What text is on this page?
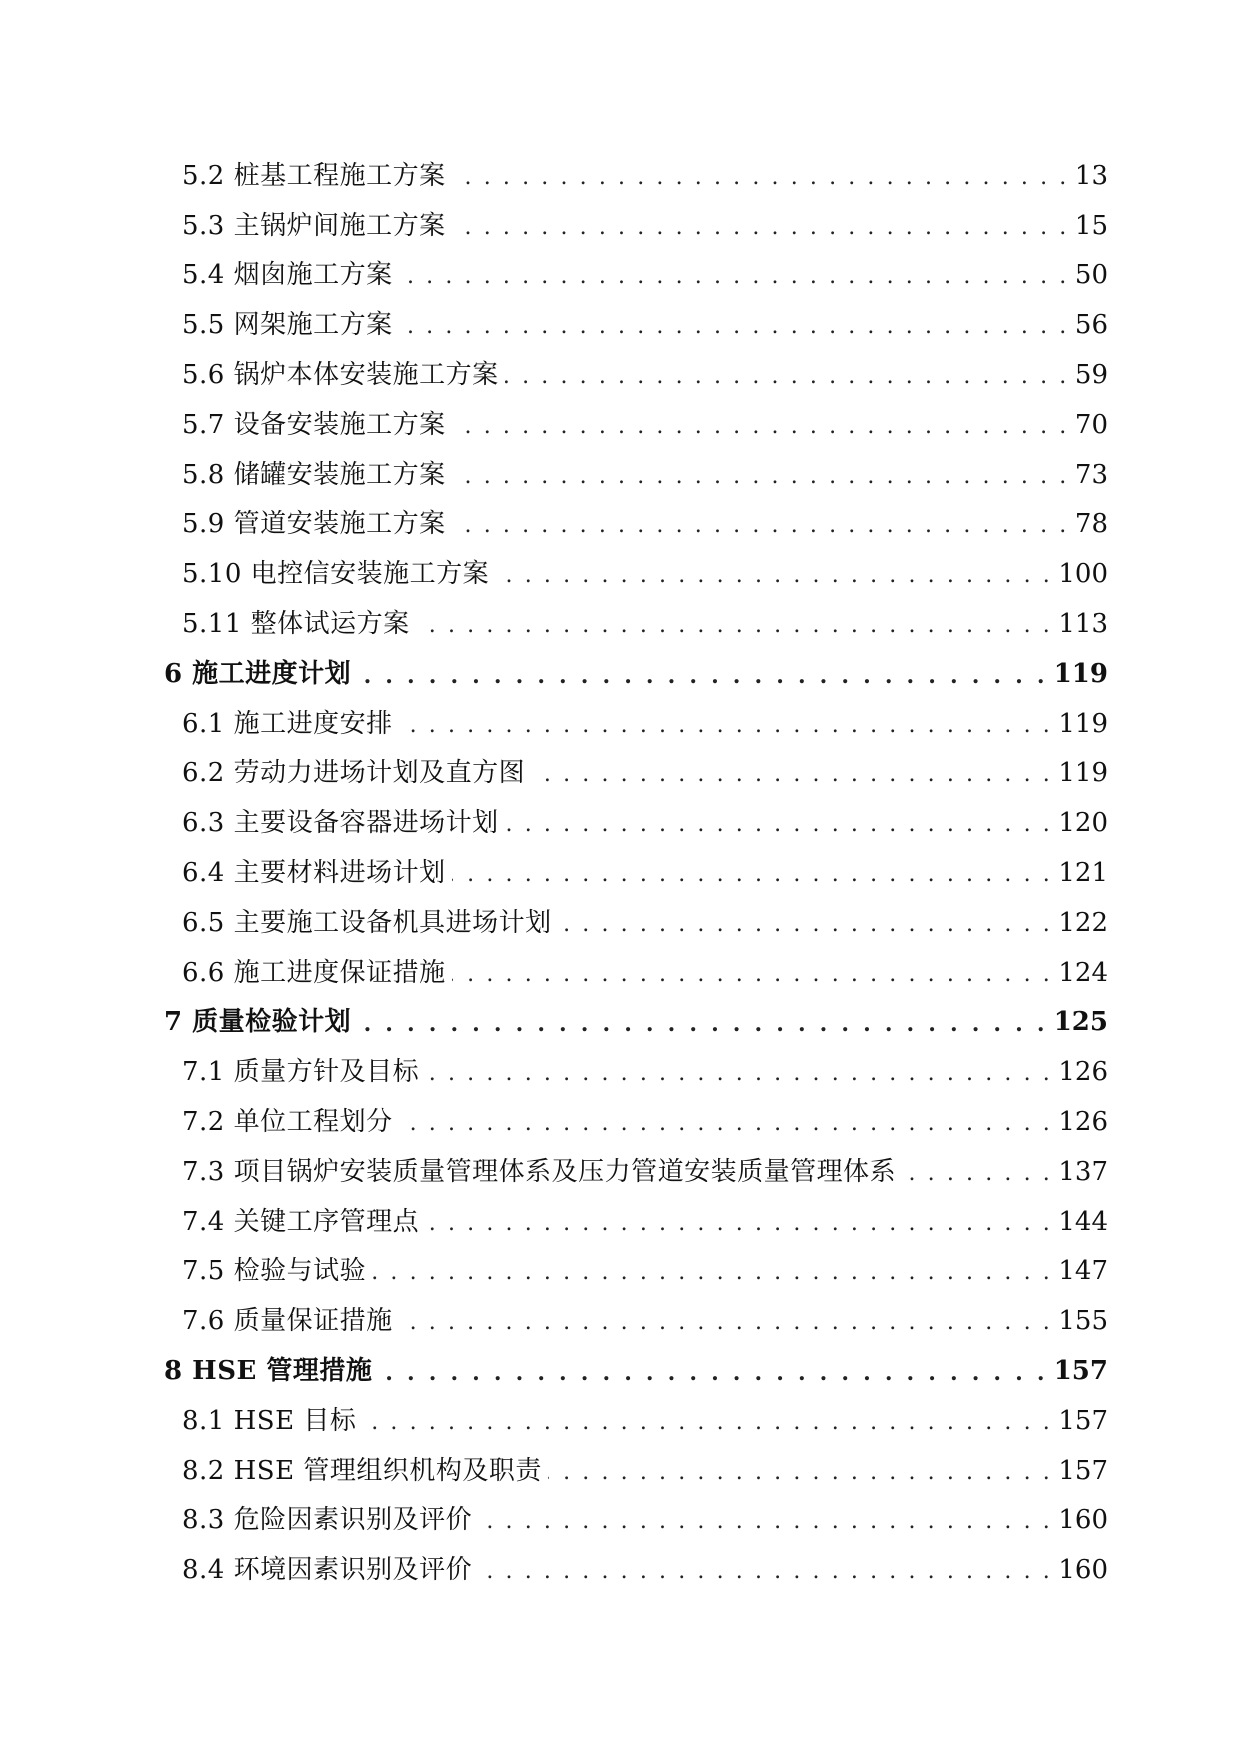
5.2 桩基工程施工方案 . . .	13
5.3 主锅炉间施工方案 . . .	15
5.4 烟囱施工方案 . . .	50
5.5 网架施工方案 . . .	56
5.6 锅炉本体安装施工方案 . . .	59
5.7 设备安装施工方案 . . .	70
5.8 储罐安装施工方案 . . .	73
5.9 管道安装施工方案 . . .	78
5.10 电控信安装施工方案 . . .	100
5.11 整体试运方案 . . .	113
6 施工进度计划 . . .	119
6.1 施工进度安排 . . .	119
6.2 劳动力进场计划及直方图 . . .	119
6.3 主要设备容器进场计划 . . .	120
6.4 主要材料进场计划 . . .	121
6.5 主要施工设备机具进场计划 . . .	122
6.6 施工进度保证措施 . . .	124
7 质量检验计划 . . .	125
7.1 质量方针及目标 . . .	126
7.2 单位工程划分 . . .	126
7.3 项目锅炉安装质量管理体系及压力管道安装质量管理体系 . . .	137
7.4 关键工序管理点 . . .	144
7.5 检验与试验 . . .	147
7.6 质量保证措施 . . .	155
8 HSE 管理措施 . . .	157
8.1 HSE 目标 . . .	157
8.2 HSE 管理组织机构及职责 . . .	157
8.3 危险因素识别及评价 . . .	160
8.4 环境因素识别及评价 . . .	160
